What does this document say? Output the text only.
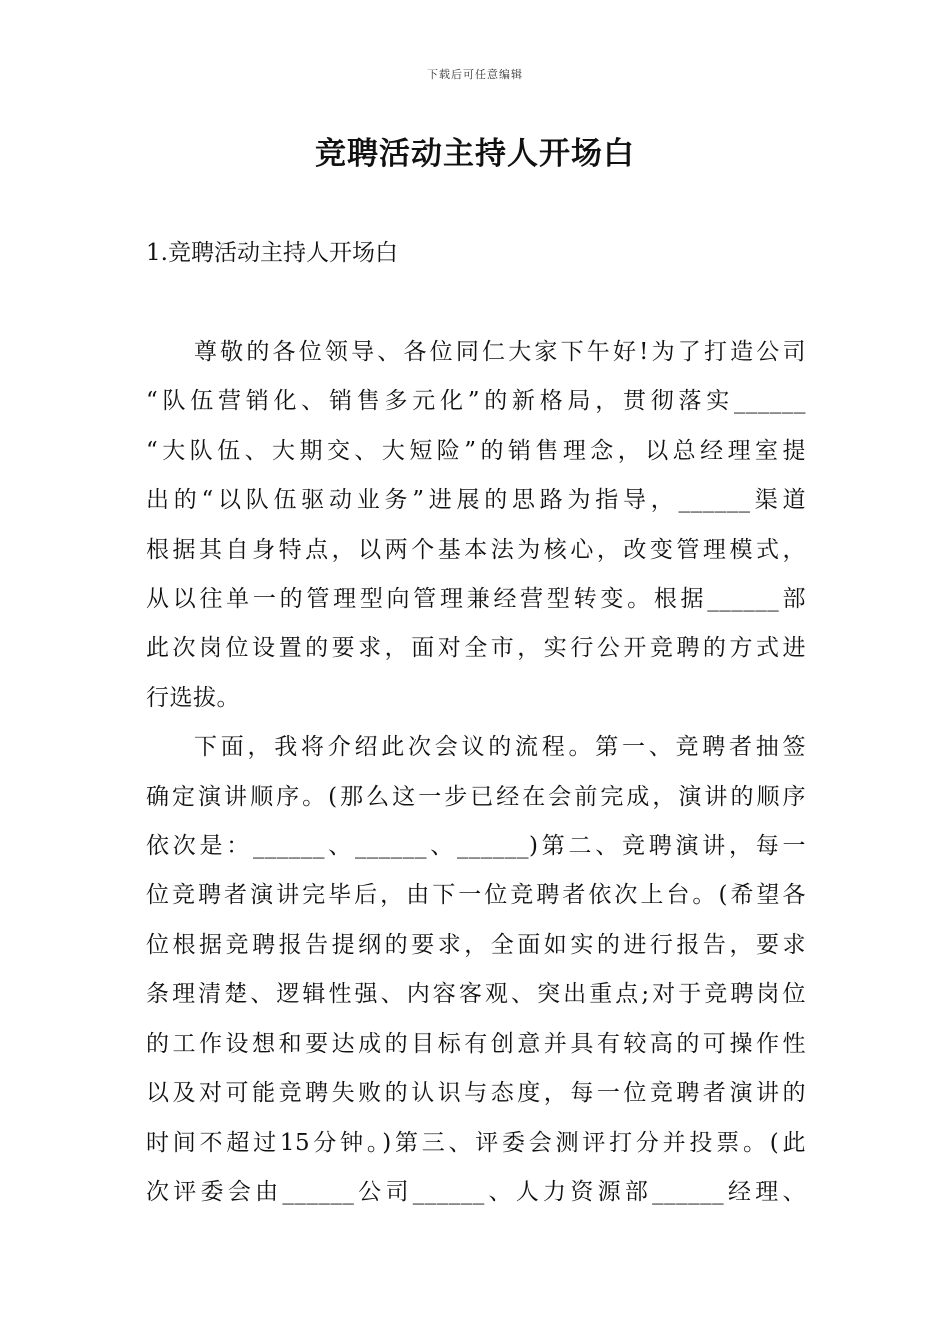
下载后可任意编辑
竞聘活动主持人开场白
1.竞聘活动主持人开场白
尊敬的各位领导、各位同仁大家下午好!为了打造公司
“队伍营销化、销售多元化”的新格局，贯彻落实______
“大队伍、大期交、大短险”的销售理念，以总经理室提
出的“以队伍驱动业务”进展的思路为指导，______渠道
根据其自身特点，以两个基本法为核心，改变管理模式，
从以往单一的管理型向管理兼经营型转变。根据______部
此次岗位设置的要求，面对全市，实行公开竞聘的方式进
行选拔。
下面，我将介绍此次会议的流程。第一、竞聘者抽签
确定演讲顺序。(那么这一步已经在会前完成，演讲的顺序
依次是：______、______、______)第二、竞聘演讲，每一
位竞聘者演讲完毕后，由下一位竞聘者依次上台。(希望各
位根据竞聘报告提纲的要求，全面如实的进行报告，要求
条理清楚、逻辑性强、内容客观、突出重点;对于竞聘岗位
的工作设想和要达成的目标有创意并具有较高的可操作性
以及对可能竞聘失败的认识与态度，每一位竞聘者演讲的
时间不超过15分钟。)第三、评委会测评打分并投票。(此
次评委会由______公司______、人力资源部______经理、
